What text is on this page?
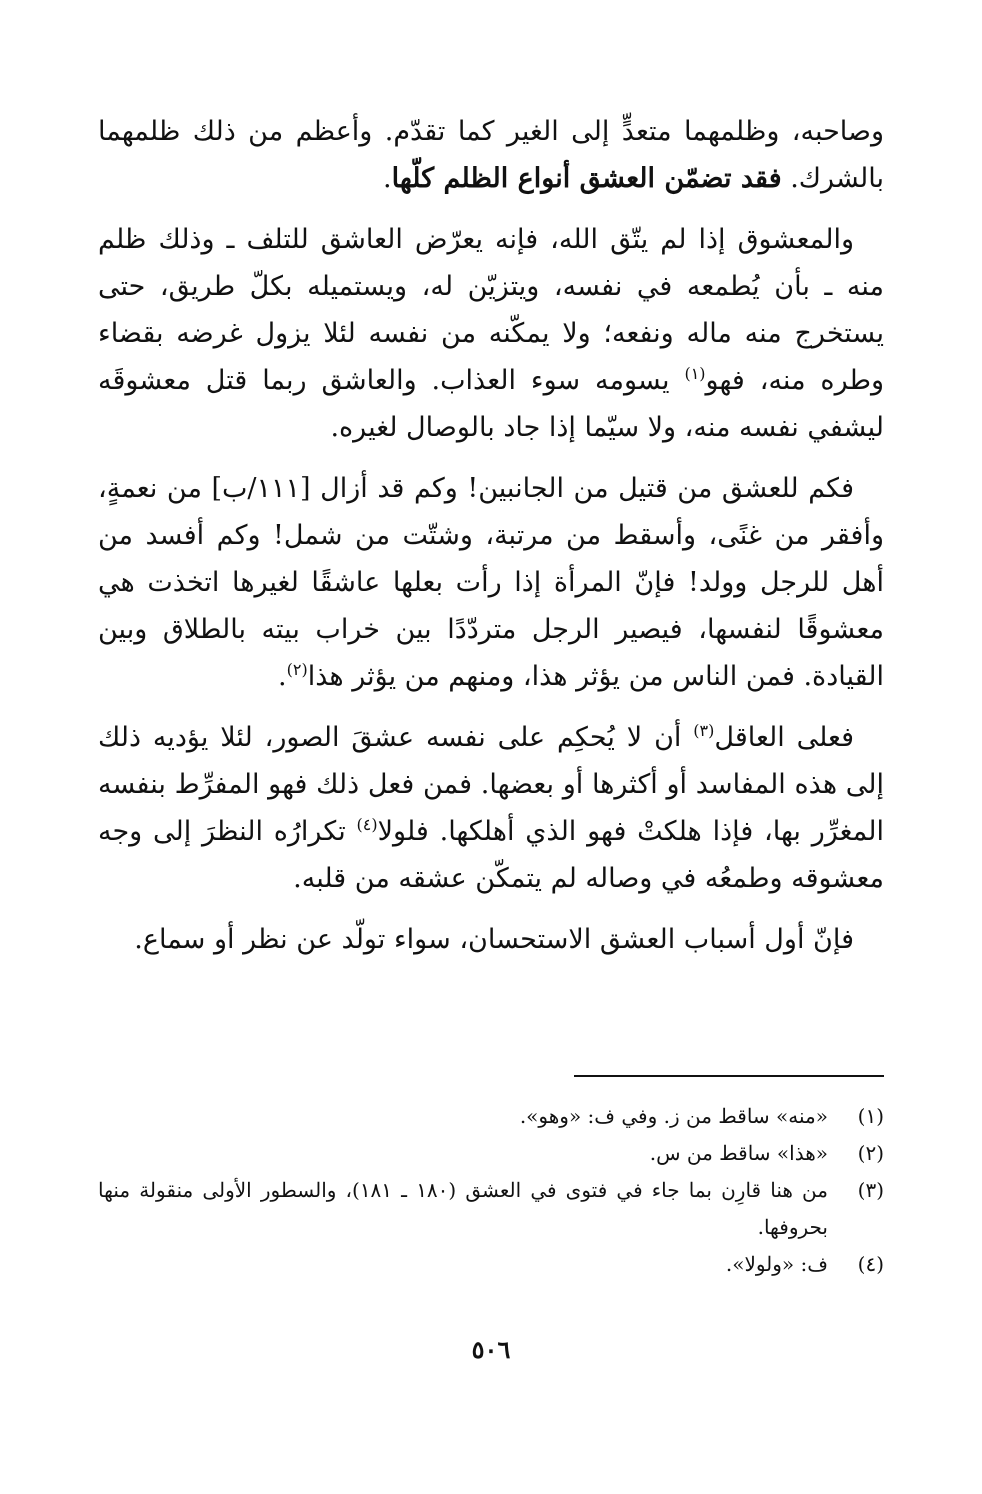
وصاحبه، وظلمهما متعدٍّ إلى الغير كما تقدّم. وأعظم من ذلك ظلمهما بالشرك. فقد تضمّن العشق أنواع الظلم كلّها.

والمعشوق إذا لم يتّق الله، فإنه يعرّض العاشق للتلف ـ وذلك ظلم منه ـ بأن يُطمعه في نفسه، ويتزيّن له، ويستميله بكلّ طريق، حتى يستخرج منه ماله ونفعه؛ ولا يمكّنه من نفسه لئلا يزول غرضه بقضاء وطره منه، فهو$^{(١)}$ يسومه سوء العذاب. والعاشق ربما قتل معشوقَه ليشفي نفسه منه، ولا سيّما إذا جاد بالوصال لغيره.

فكم للعشق من قتيل من الجانبين! وكم قد أزال [١١١/ب] من نعمةٍ، وأفقر من غنًى، وأسقط من مرتبة، وشتّت من شمل! وكم أفسد من أهل للرجل وولد! فإنّ المرأة إذا رأت بعلها عاشقًا لغيرها اتخذت هي معشوقًا لنفسها، فيصير الرجل متردّدًا بين خراب بيته بالطلاق وبين القيادة. فمن الناس من يؤثر هذا، ومنهم من يؤثر هذا$^{(٢)}$.

فعلى العاقل$^{(٣)}$ أن لا يُحكِم على نفسه عشقَ الصور، لئلا يؤديه ذلك إلى هذه المفاسد أو أكثرها أو بعضها. فمن فعل ذلك فهو المفرِّط بنفسه المغرِّر بها، فإذا هلكتْ فهو الذي أهلكها. فلولا$^{(٤)}$ تكرارُه النظرَ إلى وجه معشوقه وطمعُه في وصاله لم يتمكّن عشقه من قلبه.

فإنّ أول أسباب العشق الاستحسان، سواء تولّد عن نظر أو سماع.

(١)
«منه» ساقط من ز. وفي ف: «وهو».
(٢)
«هذا» ساقط من س.
(٣)
من هنا قارِن بما جاء في فتوى في العشق (١٨٠ ـ ١٨١)، والسطور الأولى منقولة منها بحروفها.
(٤)
ف: «ولولا».
٥٠٦
